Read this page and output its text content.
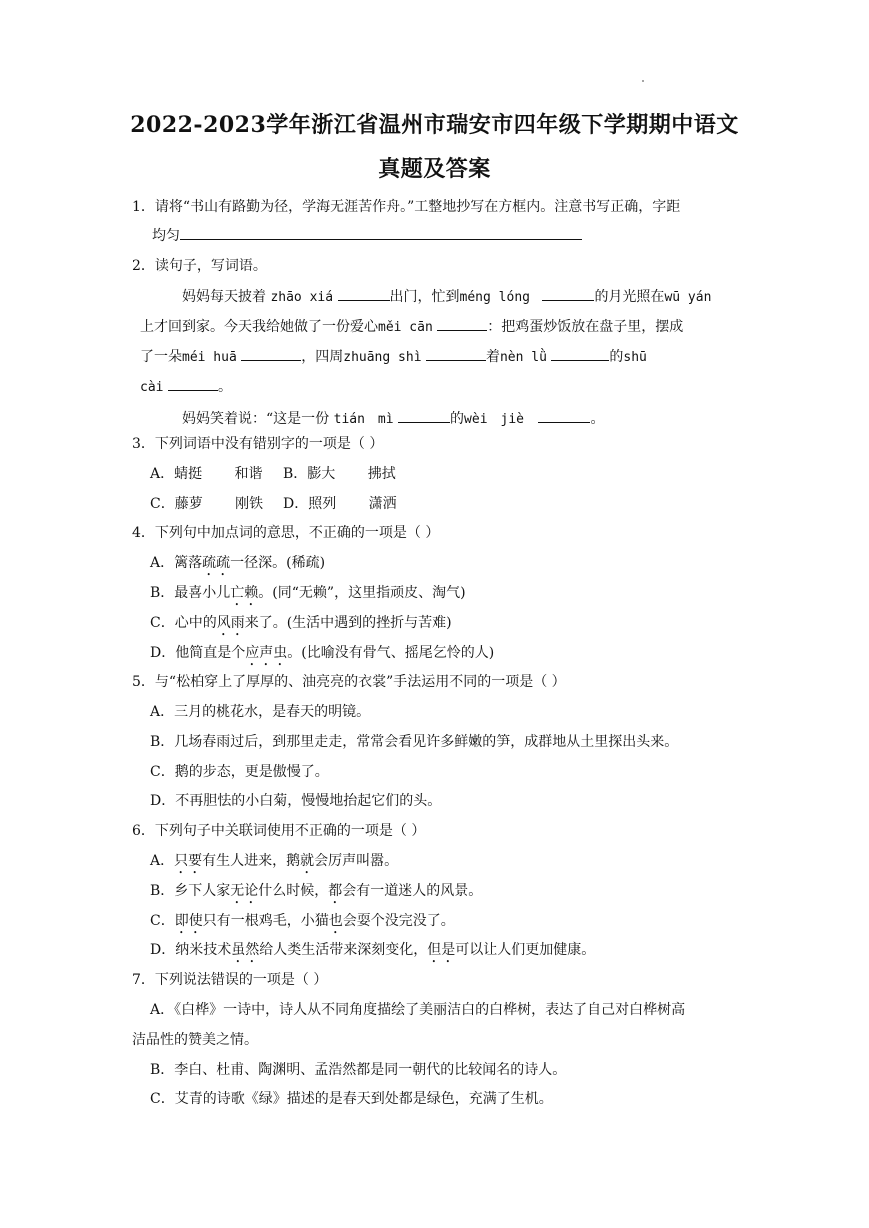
2022-2023学年浙江省温州市瑞安市四年级下学期期中语文
真题及答案
1．请将“书山有路勤为径，学海无涯苦作舟。”工整地抄写在方框内。注意书写正确，字距
均匀
2．读句子，写词语。
妈妈每天披着 zhāo xiá	出门，忙到méng lóng	的月光照在wū yán
上才回到家。今天我给她做了一份爱心měi cān	：把鸡蛋炒饭放在盘子里，摆成
了一朵méi huā	，四周zhuāng shì	着nèn lǜ	的shū
cài	。
妈妈笑着说：“这是一份 tián　mì	的wèi　jiè	。
3．下列词语中没有错别字的一项是（ ）
A．蜻挺　　 和谐 B．膨大　　 拂拭
C．藤萝　　 刚铁 D．照列　　 潇洒
4．下列句中加点词的意思，不正确的一项是（ ）
A．篱落疏疏一径深。(稀疏)
B．最喜小儿亡赖。(同“无赖”，这里指顽皮、淘气)
C．心中的风雨来了。(生活中遇到的挫折与苦难)
D．他简直是个应声虫。(比喻没有骨气、摇尾乞怜的人)
5．与“松柏穿上了厚厚的、油亮亮的衣裳”手法运用不同的一项是（ ）
A．三月的桃花水，是春天的明镜。
B．几场春雨过后，到那里走走，常常会看见许多鲜嫩的笋，成群地从土里探出头来。
C．鹅的步态，更是傲慢了。
D．不再胆怯的小白菊，慢慢地抬起它们的头。
6．下列句子中关联词使用不正确的一项是（ ）
A．只要有生人进来，鹅就会厉声叫嚣。
B．乡下人家无论什么时候，都会有一道迷人的风景。
C．即使只有一根鸡毛，小猫也会耍个没完没了。
D．纳米技术虽然给人类生活带来深刻变化，但是可以让人们更加健康。
7．下列说法错误的一项是（ ）
A．《白桦》一诗中，诗人从不同角度描绘了美丽洁白的白桦树，表达了自己对白桦树高
洁品性的赞美之情。
B．李白、杜甫、陶渊明、孟浩然都是同一朝代的比较闻名的诗人。
C．艾青的诗歌《绿》描述的是春天到处都是绿色，充满了生机。
